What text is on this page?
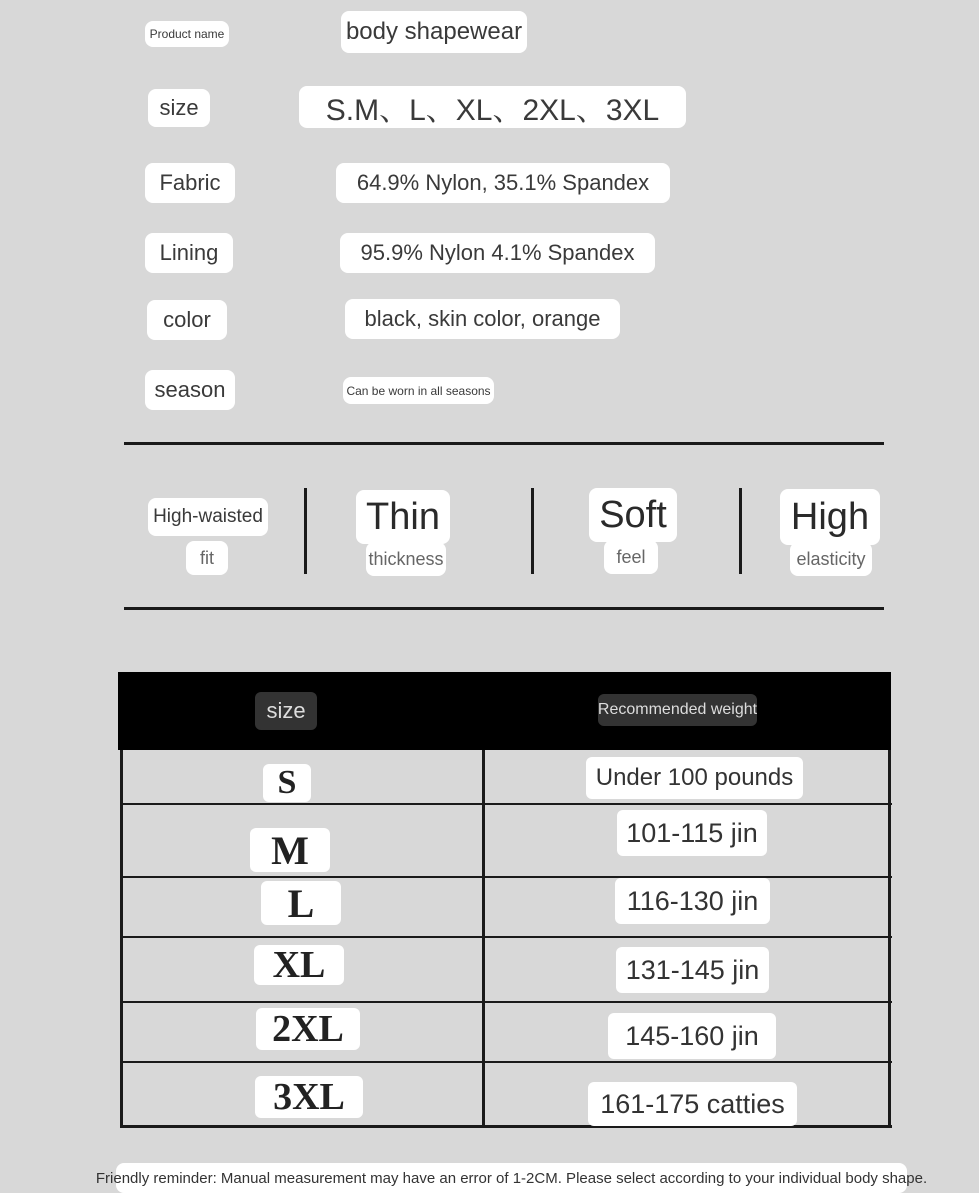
Product name	body shapewear
size	S.M、L、XL、2XL、3XL
Fabric	64.9% Nylon, 35.1% Spandex
Lining	95.9% Nylon 4.1% Spandex
color	black, skin color, orange
season	Can be worn in all seasons
High-waisted
fit
Thin
thickness
Soft
feel
High
elasticity
size	Recommended weight
S	Under 100 pounds
M	101-115 jin
L	116-130 jin
XL	131-145 jin
2XL	145-160 jin
3XL	161-175 catties
Friendly reminder: Manual measurement may have an error of 1-2CM. Please select according to your individual body shape.
